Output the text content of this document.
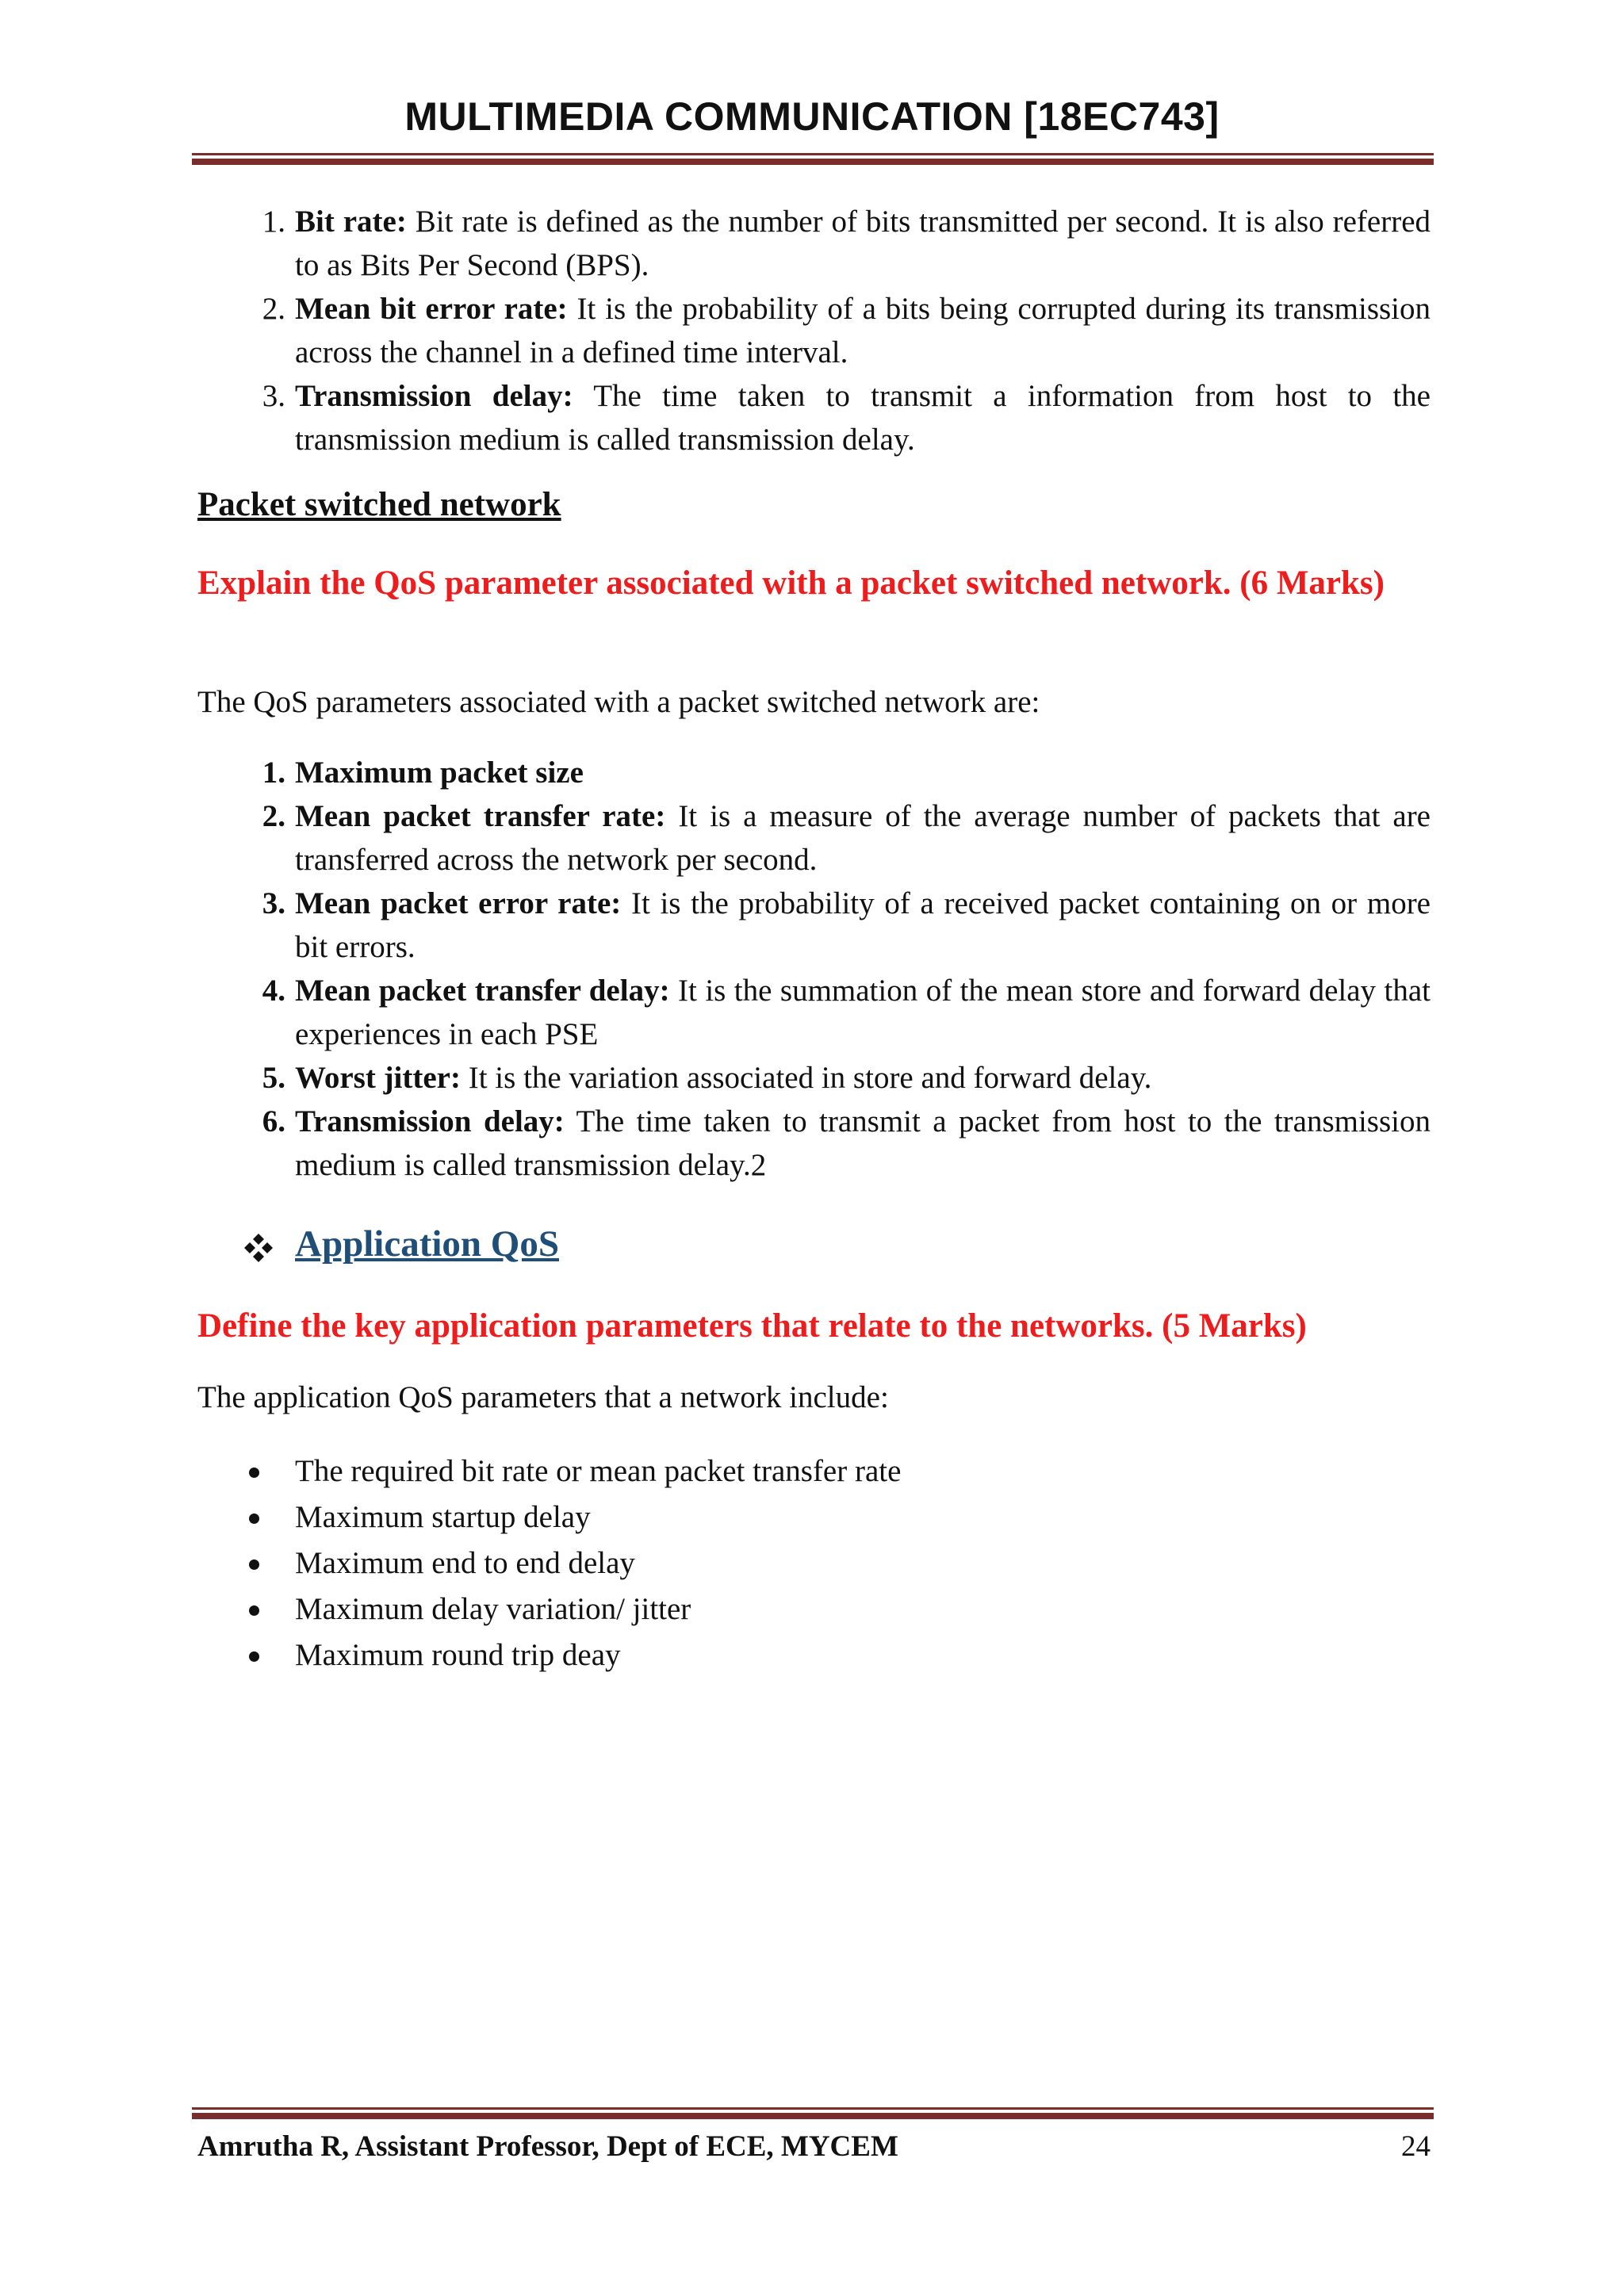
MULTIMEDIA COMMUNICATION [18EC743]
1. Bit rate: Bit rate is defined as the number of bits transmitted per second. It is also referred to as Bits Per Second (BPS).
2. Mean bit error rate: It is the probability of a bits being corrupted during its transmission across the channel in a defined time interval.
3. Transmission delay: The time taken to transmit a information from host to the transmission medium is called transmission delay.
Packet switched network
Explain the QoS parameter associated with a packet switched network. (6 Marks)
The QoS parameters associated with a packet switched network are:
1. Maximum packet size
2. Mean packet transfer rate: It is a measure of the average number of packets that are transferred across the network per second.
3. Mean packet error rate: It is the probability of a received packet containing on or more bit errors.
4. Mean packet transfer delay: It is the summation of the mean store and forward delay that experiences in each PSE
5. Worst jitter: It is the variation associated in store and forward delay.
6. Transmission delay: The time taken to transmit a packet from host to the transmission medium is called transmission delay.2
Application QoS
Define the key application parameters that relate to the networks. (5 Marks)
The application QoS parameters that a network include:
The required bit rate or mean packet transfer rate
Maximum startup delay
Maximum end to end delay
Maximum delay variation/ jitter
Maximum round trip deay
Amrutha R, Assistant Professor, Dept of ECE, MYCEM	24
